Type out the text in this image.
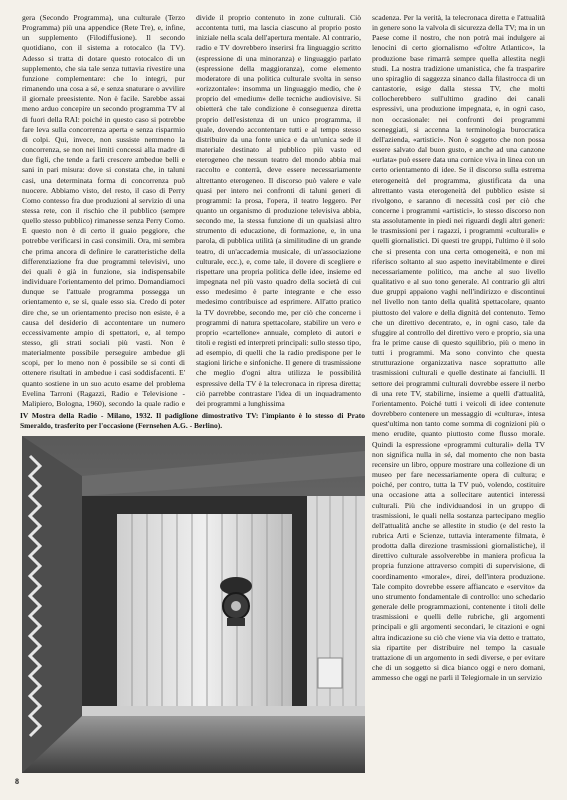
gera (Secondo Programma), una culturale (Terzo Programma) più una appendice (Rete Tre), e, infine, un supplemento (Filodiffusione). Il secondo quotidiano, con il sistema a rotocalco (la TV). Adesso si tratta di dotare questo rotocalco di un supplemento, che sia tale senza tuttavia rivestire una funzione complementare: che lo integri, pur rimanendo una cosa a sé, e senza snaturare o avvilire il giornale preesistente. Non è facile. Sarebbe assai meno arduo concepire un secondo programma TV al di fuori della RAI: poiché in questo caso si potrebbe fare leva sulla concorrenza aperta e senza risparmio di colpi. Qui, invece, non sussiste nemmeno la concorrenza, se non nei limiti concessi alla madre di due figli, che tende a farli crescere ambedue belli e sani in pari misura: dove si constata che, in taluni casi, una determinata forma di concorrenza può nuocere. Abbiamo visto, del resto, il caso di Perry Como contesso fra due produzioni al servizio di una stessa rete, con il rischio che il pubblico (sempre quello stesso pubblico) rimanesse senza Perry Como. E questo non è di certo il guaio peggiore, che potrebbe verificarsi in casi consimili. Ora, mi sembra che prima ancora di definire le caratteristiche della differenziazione fra due programmi televisivi, uno dei quali è già in funzione, sia indispensabile individuare l'orientamento del primo. Domandiamoci dunque se l'attuale programma possegga un orientamento e, se sì, quale esso sia. Credo di poter dire che, se un orientamento preciso non esiste, è a causa del desiderio di accontentare un numero eccessivamente ampio di spettatori, e, al tempo stesso, gli strati sociali più vasti. Non è materialmente possibile perseguire ambedue gli scopi, per lo meno non è possibile se si conti di ottenere risultati in ambedue i casi soddisfacenti. E' quanto sostiene in un suo acuto esame del problema Evelina Tarroni (Ragazzi, Radio e Televisione - Malipiero, Bologna, 1960), secondo la quale radio e

divide il proprio contenuto in zone culturali. Ciò accontenta tutti, ma lascia ciascuno al proprio posto iniziale nella scala dell'apertura mentale. Al contrario, radio e TV dovrebbero inserirsi fra linguaggio scritto (espressione di una minoranza) e linguaggio parlato (espressione della maggioranza), come elemento moderatore di una politica culturale svolta in senso «orizzontale»: insomma un linguaggio medio, che è proprio del «medium» delle tecniche audiovisive. Si obietterà che tale condizione è conseguenza diretta proprio dell'esistenza di un unico programma, il quale, dovendo accontentare tutti e al tempo stesso distribuire da una fonte unica e da un'unica sede il materiale destinato al pubblico più vasto ed eterogeneo che nessun teatro del mondo abbia mai raccolto e conterrà, deve essere necessariamente altrettanto eterogeneo. Il discorso può valere e vale quasi per intero nei confronti di taluni generi di programmi: la prosa, l'opera, il teatro leggero. Per quanto un organismo di produzione televisiva abbia, secondo me, la stessa funzione di un qualsiasi altro strumento di educazione, di formazione, e, in una parola, di pubblica utilità (a similitudine di un grande teatro, di un'accademia musicale, di un'associazione culturale, ecc.), e, come tale, il dovere di scegliere e rispettare una propria politica delle idee, insieme ed impegnata nel più vasto quadro della società di cui esso medesimo è parte integrante e che esso medesimo contribuisce ad esprimere. All'atto pratico la TV dovrebbe, secondo me, per ciò che concerne i programmi di natura spettacolare, stabilire un vero e proprio «cartellone» annuale, completo di autori e titoli e registi ed interpreti principali: sullo stesso tipo, ad esempio, di quelli che la radio predispone per le stagioni liriche e sinfoniche. Il genere di trasmissione che meglio d'ogni altra utilizza le possibilità espressive della TV è la telecronaca in ripresa diretta; ciò parrebbe contrastare l'idea di un inquadramento dei programmi a lunghissima

scadenza. Per la verità, la telecronaca diretta e l'attualità in genere sono la valvola di sicurezza della TV; ma in un Paese come il nostro, che non potrà mai indulgere ai lenocini di certo giornalismo «d'oltre Atlantico», la produzione base rimarrà sempre quella allestita negli studi. La nostra tradizione umanistica, che fa trasparire uno spiraglio di saggezza sinanco dalla filastrocca di un cantastorie, esige dalla stessa TV, che molti collocherebbero sull'ultimo gradino dei canali espressivi, una produzione impegnata, e, in ogni caso, non occasionale: nei confronti dei programmi sceneggiati, si accenna la terminologia burocratica dell'azienda, «artistici». Non è soggetto che non possa essere salvato dal buon gusto, e anche ad una canzone «urlata» può essere data una cornice viva in linea con un certo orientamento di idee. Se il discorso sulla estrema eterogeneità del programma, giustificata da una altrettanto vasta eterogeneità del pubblico esiste si rivolgono, e saranno di necessità così per ciò che concerne i programmi «artistici», lo stesso discorso non sta assolutamente in piedi nei riguardi degli altri generi: le trasmissioni per i ragazzi, i programmi «culturali» e quelli giornalistici. Di questi tre gruppi, l'ultimo è il solo che si presenta con una certa omogeneità, e non mi riferisco soltanto al suo aspetto inevitabilmente e direi necessariamente politico, ma anche al suo livello qualitativo e al suo tono generale. Al contrario gli altri due gruppi appaiono vaghi nell'indirizzo e discontinui nel livello non tanto della qualità spettacolare, quanto piuttosto del valore e della dignità del contenuto. Temo che un direttivo decentrato, e, in ogni caso, tale da sfuggire al controllo del direttivo vero e proprio, sia una fra le prime cause di questo squilibrio, più o meno in tutti i programmi. Ma sono convinto che questa strutturazione organizzativa nasce soprattutto alle trasmissioni culturali e quelle destinate ai fanciulli. Il settore dei programmi culturali dovrebbe essere il nerbo di una rete TV, stabilirne, insieme a quelli d'attualità, l'orientamento. Poiché tutti i veicoli di idee contenute dovrebbero contenere un messaggio di «cultura», intesa quest'ultima non tanto come somma di cognizioni più o meno erudite, quanto piuttosto come flusso morale. Quindi la espressione «programmi culturali» della TV non significa nulla in sé, dal momento che non basta recensire un libro, oppure mostrare una collezione di un museo per fare necessariamente opera di cultura; e poiché, per contro, tutta la TV può, volendo, costituire una occasione atta a sollecitare autentici interessi culturali. Più che individuandosi in un gruppo di trasmissioni, le quali nella sostanza partecipano meglio dell'attualità anche se allestite in studio (e del resto la rubrica Arti e Scienze, tuttavia interamente filmata, è prodotta dalla direzione trasmissioni giornalistiche), il direttivo culturale assolverebbe in maniera proficua la propria funzione attraverso compiti di supervisione, di coordinamento «morale», direi, dell'intera produzione. Tale compito dovrebbe essere affiancato e «servito» da uno strumento fondamentale di controllo: uno schedario generale delle programmazioni, contenente i titoli delle trasmissioni e quelli delle rubriche, gli argomenti principali e gli argomenti secondari, le citazioni e ogni altra indicazione su ciò che viene via via detto e trattato, sia ripartite per distribuire nel tempo la casuale trattazione di un argomento in sedi diverse, e per evitare che di un soggetto si dica bianco oggi e nero domani, ammesso che oggi ne parli il Telegiornale in un servizio

IV Mostra della Radio - Milano, 1932. Il padiglione dimostrativo TV: l'impianto è lo stesso di Prato Smeraldo, trasferito per l'occasione (Fernsehen A.G. - Berlino).

8
